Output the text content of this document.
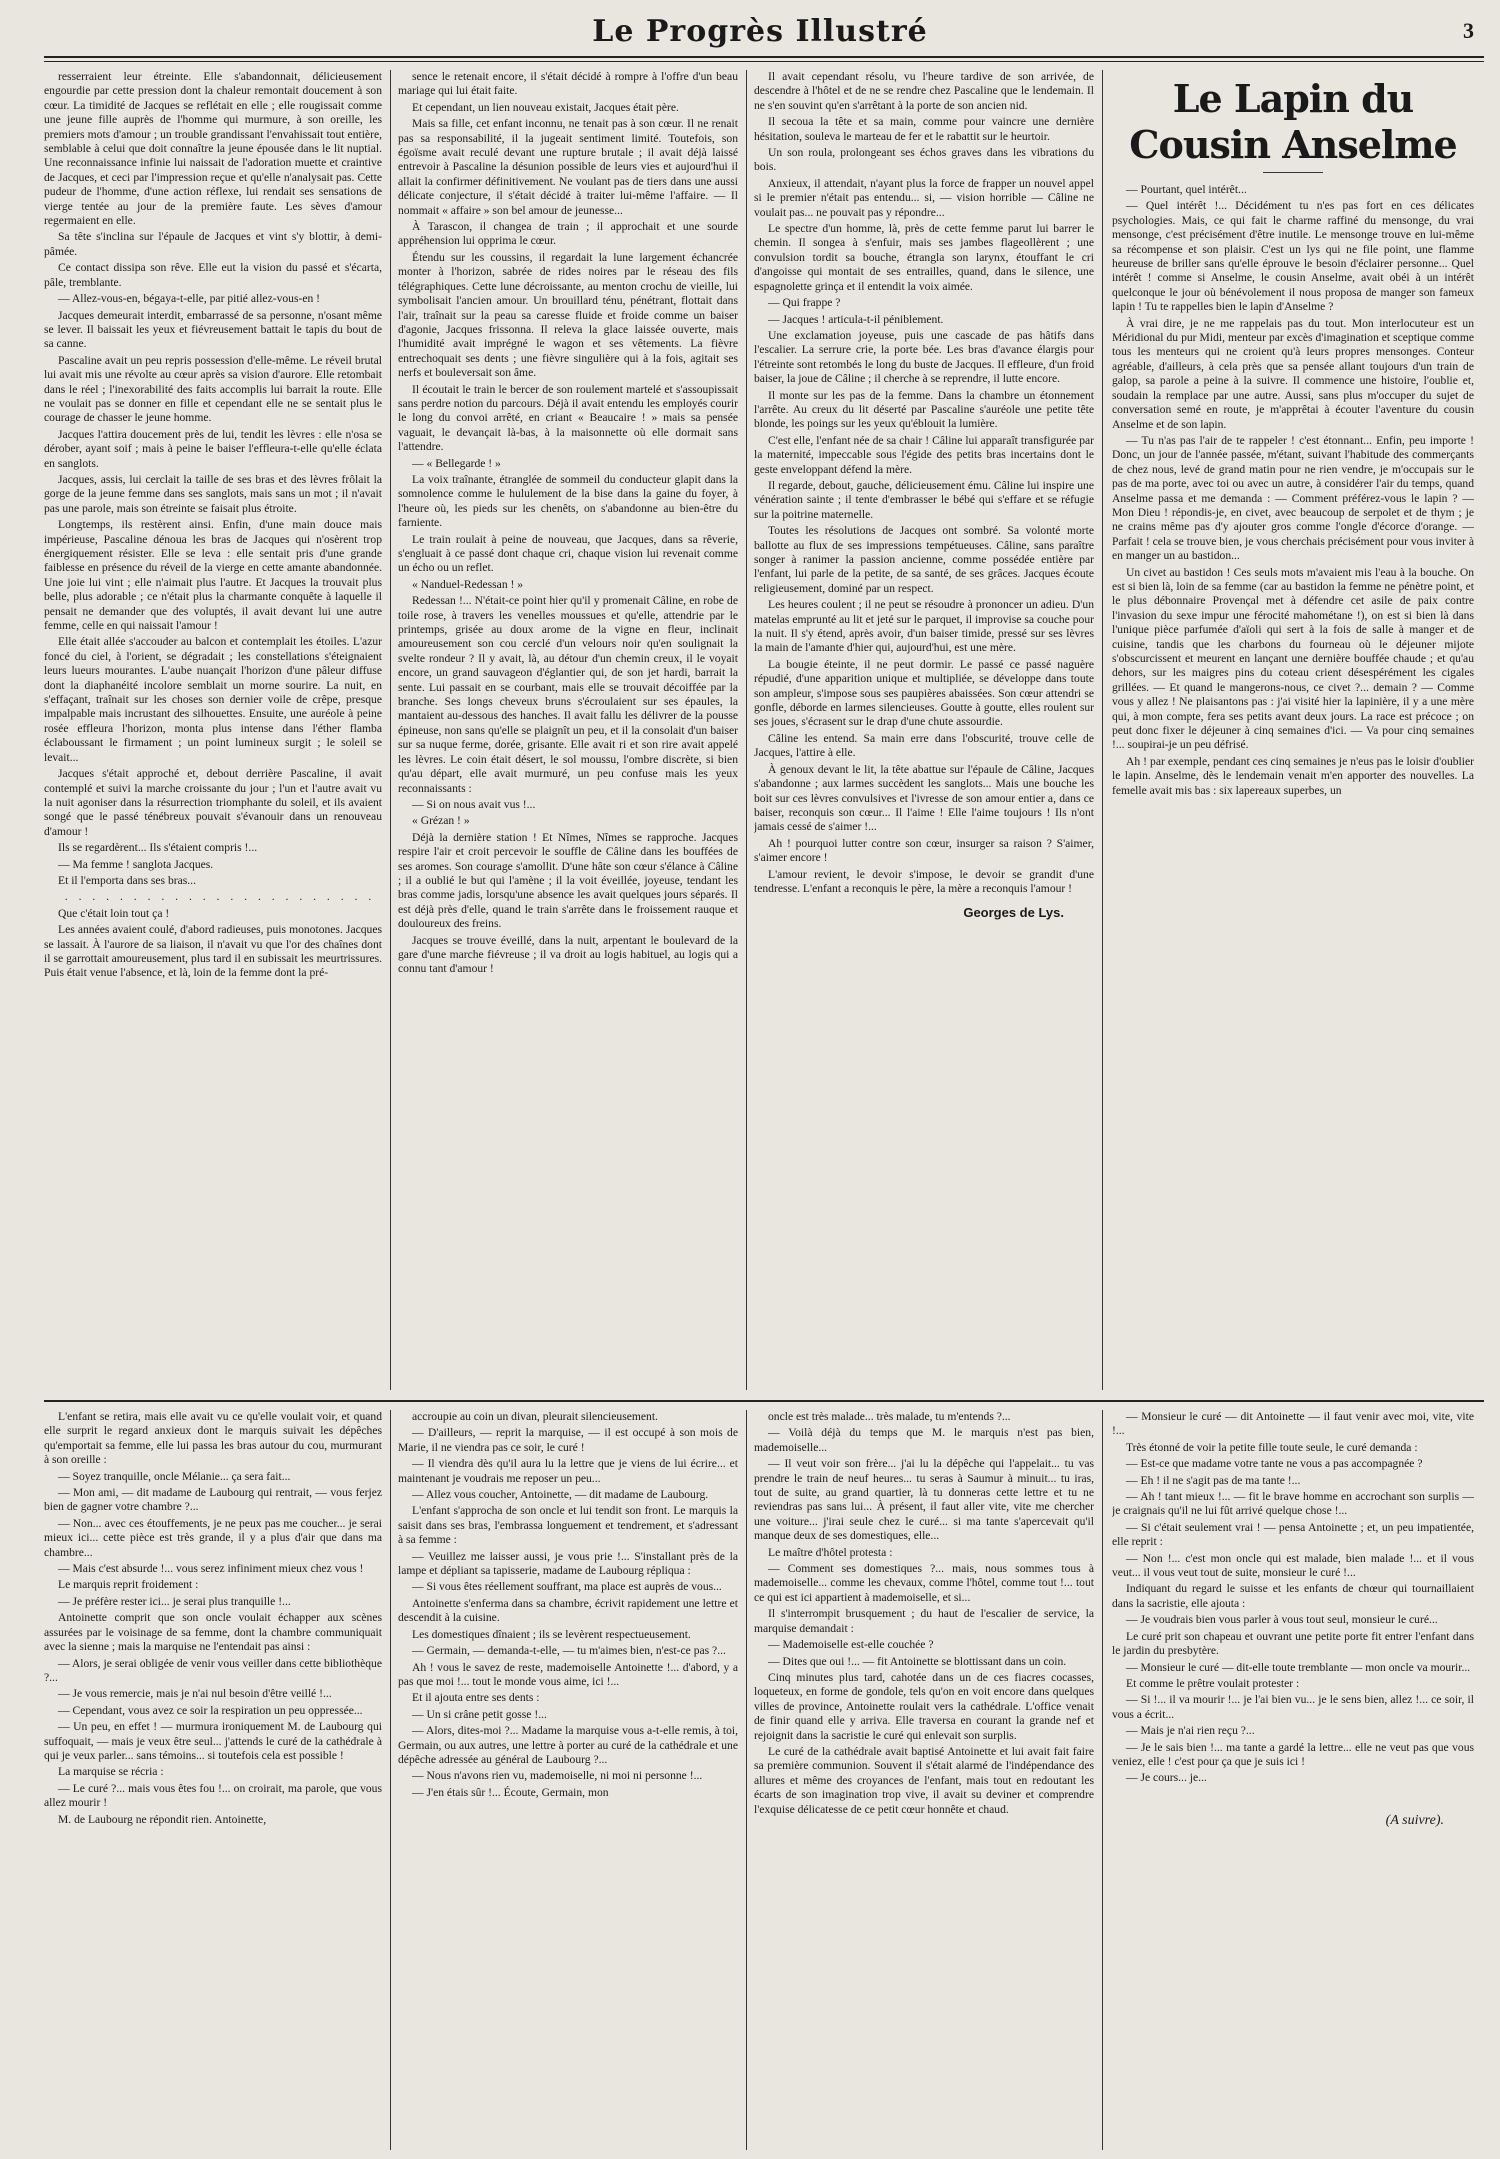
Le Progrès Illustré	3

resserraient leur étreinte. Elle s'abandonnait, délicieusement engourdie par cette pression dont la chaleur remontait doucement à son cœur. La timidité de Jacques se reflétait en elle ; elle rougissait comme une jeune fille auprès de l'homme qui murmure, à son oreille, les premiers mots d'amour ; un trouble grandissant l'envahissait tout entière, semblable à celui que doit connaître la jeune épousée dans le lit nuptial. Une reconnaissance infinie lui naissait de l'adoration muette et craintive de Jacques, et ceci par l'impression reçue et qu'elle n'analysait pas. Cette pudeur de l'homme, d'une action réflexe, lui rendait ses sensations de vierge tentée au jour de la première faute. Les sèves d'amour regermaient en elle.

Sa tête s'inclina sur l'épaule de Jacques et vint s'y blottir, à demi-pâmée.

Ce contact dissipa son rêve. Elle eut la vision du passé et s'écarta, pâle, tremblante.

— Allez-vous-en, bégaya-t-elle, par pitié allez-vous-en !

Jacques demeurait interdit, embarrassé de sa personne, n'osant même se lever. Il baissait les yeux et fiévreusement battait le tapis du bout de sa canne.

Pascaline avait un peu repris possession d'elle-même. Le réveil brutal lui avait mis une révolte au cœur après sa vision d'aurore. Elle retombait dans le réel ; l'inexorabilité des faits accomplis lui barrait la route. Elle ne voulait pas se donner en fille et cependant elle ne se sentait plus le courage de chasser le jeune homme.

Jacques l'attira doucement près de lui, tendit les lèvres : elle n'osa se dérober, ayant soif ; mais à peine le baiser l'effleura-t-elle qu'elle éclata en sanglots.

Jacques, assis, lui cerclait la taille de ses bras et des lèvres frôlait la gorge de la jeune femme dans ses sanglots, mais sans un mot ; il n'avait pas une parole, mais son étreinte se faisait plus étroite.

Longtemps, ils restèrent ainsi. Enfin, d'une main douce mais impérieuse, Pascaline dénoua les bras de Jacques qui n'osèrent trop énergiquement résister. Elle se leva : elle sentait pris d'une grande faiblesse en présence du réveil de la vierge en cette amante abandonnée. Une joie lui vint ; elle n'aimait plus l'autre. Et Jacques la trouvait plus belle, plus adorable ; ce n'était plus la charmante conquête à laquelle il pensait ne demander que des voluptés, il avait devant lui une autre femme, celle en qui naissait l'amour !

Elle était allée s'accouder au balcon et contemplait les étoiles. L'azur foncé du ciel, à l'orient, se dégradait ; les constellations s'éteignaient leurs lueurs mourantes. L'aube nuançait l'horizon d'une pâleur diffuse dont la diaphanéité incolore semblait un morne sourire. La nuit, en s'effaçant, traînait sur les choses son dernier voile de crêpe, presque impalpable mais incrustant des silhouettes. Ensuite, une auréole à peine rosée effleura l'horizon, monta plus intense dans l'éther flamba éclaboussant le firmament ; un point lumineux surgit ; le soleil se levait...

Jacques s'était approché et, debout derrière Pascaline, il avait contemplé et suivi la marche croissante du jour ; l'un et l'autre avait vu la nuit agoniser dans la résurrection triomphante du soleil, et ils avaient songé que le passé ténébreux pouvait s'évanouir dans un renouveau d'amour !

Ils se regardèrent... Ils s'étaient compris !...

— Ma femme ! sanglota Jacques.

Et il l'emporta dans ses bras...

. . . . . . . . . . . . . . . . . . . . . . .

Que c'était loin tout ça !

Les années avaient coulé, d'abord radieuses, puis monotones. Jacques se lassait. À l'aurore de sa liaison, il n'avait vu que l'or des chaînes dont il se garrottait amoureusement, plus tard il en subissait les meurtrissures. Puis était venue l'absence, et là, loin de la femme dont la pré-

sence le retenait encore, il s'était décidé à rompre à l'offre d'un beau mariage qui lui était faite.

Et cependant, un lien nouveau existait, Jacques était père.

Mais sa fille, cet enfant inconnu, ne tenait pas à son cœur. Il ne renait pas sa responsabilité, il la jugeait sentiment limité. Toutefois, son égoïsme avait reculé devant une rupture brutale ; il avait déjà laissé entrevoir à Pascaline la désunion possible de leurs vies et aujourd'hui il allait la confirmer définitivement. Ne voulant pas de tiers dans une aussi délicate conjecture, il s'était décidé à traiter lui-même l'affaire. — Il nommait « affaire » son bel amour de jeunesse...

À Tarascon, il changea de train ; il approchait et une sourde appréhension lui opprima le cœur.

Étendu sur les coussins, il regardait la lune largement échancrée monter à l'horizon, sabrée de rides noires par le réseau des fils télégraphiques. Cette lune décroissante, au menton crochu de vieille, lui symbolisait l'ancien amour. Un brouillard ténu, pénétrant, flottait dans l'air, traînait sur la peau sa caresse fluide et froide comme un baiser d'agonie, Jacques frissonna. Il releva la glace laissée ouverte, mais l'humidité avait imprégné le wagon et ses vêtements. La fièvre entrechoquait ses dents ; une fièvre singulière qui à la fois, agitait ses nerfs et bouleversait son âme.

Il écoutait le train le bercer de son roulement martelé et s'assoupissait sans perdre notion du parcours. Déjà il avait entendu les employés courir le long du convoi arrêté, en criant « Beaucaire ! » mais sa pensée vaguait, le devançait là-bas, à la maisonnette où elle dormait sans l'attendre.

— « Bellegarde ! »

La voix traînante, étranglée de sommeil du conducteur glapit dans la somnolence comme le hululement de la bise dans la gaine du foyer, à l'heure où, les pieds sur les chenêts, on s'abandonne au bien-être du farniente.

Le train roulait à peine de nouveau, que Jacques, dans sa rêverie, s'engluait à ce passé dont chaque cri, chaque vision lui revenait comme un écho ou un reflet.

« Nanduel-Redessan ! »

Redessan !... N'était-ce point hier qu'il y promenait Câline, en robe de toile rose, à travers les venelles moussues et qu'elle, attendrie par le printemps, grisée au doux arome de la vigne en fleur, inclinait amoureusement son cou cerclé d'un velours noir qu'en soulignait la svelte rondeur ? Il y avait, là, au détour d'un chemin creux, il le voyait encore, un grand sauvageon d'églantier qui, de son jet hardi, barrait la sente. Lui passait en se courbant, mais elle se trouvait décoiffée par la branche. Ses longs cheveux bruns s'écroulaient sur ses épaules, la mantaient au-dessous des hanches. Il avait fallu les délivrer de la pousse épineuse, non sans qu'elle se plaignît un peu, et il la consolait d'un baiser sur sa nuque ferme, dorée, grisante. Elle avait ri et son rire avait appelé les lèvres. Le coin était désert, le sol moussu, l'ombre discrète, si bien qu'au départ, elle avait murmuré, un peu confuse mais les yeux reconnaissants :

— Si on nous avait vus !...

« Grézan ! »

Déjà la dernière station ! Et Nîmes, Nîmes se rapproche. Jacques respire l'air et croit percevoir le souffle de Câline dans les bouffées de ses aromes. Son courage s'amollit. D'une hâte son cœur s'élance à Câline ; il a oublié le but qui l'amène ; il la voit éveillée, joyeuse, tendant les bras comme jadis, lorsqu'une absence les avait quelques jours séparés. Il est déjà près d'elle, quand le train s'arrête dans le froissement rauque et douloureux des freins.

Jacques se trouve éveillé, dans la nuit, arpentant le boulevard de la gare d'une marche fiévreuse ; il va droit au logis habituel, au logis qui a connu tant d'amour !

Il avait cependant résolu, vu l'heure tardive de son arrivée, de descendre à l'hôtel et de ne se rendre chez Pascaline que le lendemain. Il ne s'en souvint qu'en s'arrêtant à la porte de son ancien nid.

Il secoua la tête et sa main, comme pour vaincre une dernière hésitation, souleva le marteau de fer et le rabattit sur le heurtoir.

Un son roula, prolongeant ses échos graves dans les vibrations du bois.

Anxieux, il attendait, n'ayant plus la force de frapper un nouvel appel si le premier n'était pas entendu... si, — vision horrible — Câline ne voulait pas... ne pouvait pas y répondre...

Le spectre d'un homme, là, près de cette femme parut lui barrer le chemin. Il songea à s'enfuir, mais ses jambes flageollèrent ; une convulsion tordit sa bouche, étrangla son larynx, étouffant le cri d'angoisse qui montait de ses entrailles, quand, dans le silence, une espagnolette grinça et il entendit la voix aimée.

— Qui frappe ?

— Jacques ! articula-t-il péniblement.

Une exclamation joyeuse, puis une cascade de pas hâtifs dans l'escalier. La serrure crie, la porte bée. Les bras d'avance élargis pour l'étreinte sont retombés le long du buste de Jacques. Il effleure, d'un froid baiser, la joue de Câline ; il cherche à se reprendre, il lutte encore.

Il monte sur les pas de la femme. Dans la chambre un étonnement l'arrête. Au creux du lit déserté par Pascaline s'auréole une petite tête blonde, les poings sur les yeux qu'éblouit la lumière.

C'est elle, l'enfant née de sa chair ! Câline lui apparaît transfigurée par la maternité, impeccable sous l'égide des petits bras incertains dont le geste enveloppant défend la mère.

Il regarde, debout, gauche, délicieusement ému. Câline lui inspire une vénération sainte ; il tente d'embrasser le bébé qui s'effare et se réfugie sur la poitrine maternelle.

Toutes les résolutions de Jacques ont sombré. Sa volonté morte ballotte au flux de ses impressions tempétueuses. Câline, sans paraître songer à ranimer la passion ancienne, comme possédée entière par l'enfant, lui parle de la petite, de sa santé, de ses grâces. Jacques écoute religieusement, dominé par un respect.

Les heures coulent ; il ne peut se résoudre à prononcer un adieu. D'un matelas emprunté au lit et jeté sur le parquet, il improvise sa couche pour la nuit. Il s'y étend, après avoir, d'un baiser timide, pressé sur ses lèvres la main de l'amante d'hier qui, aujourd'hui, est une mère.

La bougie éteinte, il ne peut dormir. Le passé ce passé naguère répudié, d'une apparition unique et multipliée, se développe dans toute son ampleur, s'impose sous ses paupières abaissées. Son cœur attendri se gonfle, déborde en larmes silencieuses. Goutte à goutte, elles roulent sur ses joues, s'écrasent sur le drap d'une chute assourdie.

Câline les entend. Sa main erre dans l'obscurité, trouve celle de Jacques, l'attire à elle.

À genoux devant le lit, la tête abattue sur l'épaule de Câline, Jacques s'abandonne ; aux larmes succèdent les sanglots... Mais une bouche les boit sur ces lèvres convulsives et l'ivresse de son amour entier a, dans ce baiser, reconquis son cœur... Il l'aime ! Elle l'aime toujours ! Ils n'ont jamais cessé de s'aimer !...

Ah ! pourquoi lutter contre son cœur, insurger sa raison ? S'aimer, s'aimer encore !

L'amour revient, le devoir s'impose, le devoir se grandit d'une tendresse. L'enfant a reconquis le père, la mère a reconquis l'amour !

Georges de Lys.
Le Lapin du Cousin Anselme

— Pourtant, quel intérêt...

— Quel intérêt !... Décidément tu n'es pas fort en ces délicates psychologies. Mais, ce qui fait le charme raffiné du mensonge, du vrai mensonge, c'est précisément d'être inutile. Le mensonge trouve en lui-même sa récompense et son plaisir. C'est un lys qui ne file point, une flamme heureuse de briller sans qu'elle éprouve le besoin d'éclairer personne... Quel intérêt ! comme si Anselme, le cousin Anselme, avait obéi à un intérêt quelconque le jour où bénévolement il nous proposa de manger son fameux lapin ! Tu te rappelles bien le lapin d'Anselme ?

À vrai dire, je ne me rappelais pas du tout. Mon interlocuteur est un Méridional du pur Midi, menteur par excès d'imagination et sceptique comme tous les menteurs qui ne croient qu'à leurs propres mensonges. Conteur agréable, d'ailleurs, à cela près que sa pensée allant toujours d'un train de galop, sa parole a peine à la suivre. Il commence une histoire, l'oublie et, soudain la remplace par une autre. Aussi, sans plus m'occuper du sujet de conversation semé en route, je m'apprêtai à écouter l'aventure du cousin Anselme et de son lapin.

— Tu n'as pas l'air de te rappeler ! c'est étonnant... Enfin, peu importe ! Donc, un jour de l'année passée, m'étant, suivant l'habitude des commerçants de chez nous, levé de grand matin pour ne rien vendre, je m'occupais sur le pas de ma porte, avec toi ou avec un autre, à considérer l'air du temps, quand Anselme passa et me demanda : — Comment préférez-vous le lapin ? — Mon Dieu ! répondis-je, en civet, avec beaucoup de serpolet et de thym ; je ne crains même pas d'y ajouter gros comme l'ongle d'écorce d'orange. — Parfait ! cela se trouve bien, je vous cherchais précisément pour vous inviter à en manger un au bastidon...

Un civet au bastidon ! Ces seuls mots m'avaient mis l'eau à la bouche. On est si bien là, loin de sa femme (car au bastidon la femme ne pénètre point, et le plus débonnaire Provençal met à défendre cet asile de paix contre l'invasion du sexe impur une férocité mahométane !), on est si bien là dans l'unique pièce parfumée d'aïoli qui sert à la fois de salle à manger et de cuisine, tandis que les charbons du fourneau où le déjeuner mijote s'obscurcissent et meurent en lançant une dernière bouffée chaude ; et qu'au dehors, sur les maigres pins du coteau crient désespérément les cigales grillées. — Et quand le mangerons-nous, ce civet ?... demain ? — Comme vous y allez ! Ne plaisantons pas : j'ai visité hier la lapinière, il y a une mère qui, à mon compte, fera ses petits avant deux jours. La race est précoce ; on peut donc fixer le déjeuner à cinq semaines d'ici. — Va pour cinq semaines !... soupirai-je un peu défrisé.

Ah ! par exemple, pendant ces cinq semaines je n'eus pas le loisir d'oublier le lapin. Anselme, dès le lendemain venait m'en apporter des nouvelles. La femelle avait mis bas : six lapereaux superbes, un

L'enfant se retira, mais elle avait vu ce qu'elle voulait voir, et quand elle surprit le regard anxieux dont le marquis suivait les dépêches qu'emportait sa femme, elle lui passa les bras autour du cou, murmurant à son oreille :

— Soyez tranquille, oncle Mélanie... ça sera fait...

— Mon ami, — dit madame de Laubourg qui rentrait, — vous ferjez bien de gagner votre chambre ?...

— Non... avec ces étouffements, je ne peux pas me coucher... je serai mieux ici... cette pièce est très grande, il y a plus d'air que dans ma chambre...

— Mais c'est absurde !... vous serez infiniment mieux chez vous !

Le marquis reprit froidement :

— Je préfère rester ici... je serai plus tranquille !...

Antoinette comprit que son oncle voulait échapper aux scènes assurées par le voisinage de sa femme, dont la chambre communiquait avec la sienne ; mais la marquise ne l'entendait pas ainsi :

— Alors, je serai obligée de venir vous veiller dans cette bibliothèque ?...

— Je vous remercie, mais je n'ai nul besoin d'être veillé !...

— Cependant, vous avez ce soir la respiration un peu oppressée...

— Un peu, en effet ! — murmura ironiquement M. de Laubourg qui suffoquait, — mais je veux être seul... j'attends le curé de la cathédrale à qui je veux parler... sans témoins... si toutefois cela est possible !

La marquise se récria :

— Le curé ?... mais vous êtes fou !... on croirait, ma parole, que vous allez mourir !

M. de Laubourg ne répondit rien. Antoinette,

accroupie au coin un divan, pleurait silencieusement.

— D'ailleurs, — reprit la marquise, — il est occupé à son mois de Marie, il ne viendra pas ce soir, le curé !

— Il viendra dès qu'il aura lu la lettre que je viens de lui écrire... et maintenant je voudrais me reposer un peu...

— Allez vous coucher, Antoinette, — dit madame de Laubourg.

L'enfant s'approcha de son oncle et lui tendit son front. Le marquis la saisit dans ses bras, l'embrassa longuement et tendrement, et s'adressant à sa femme :

— Veuillez me laisser aussi, je vous prie !... S'installant près de la lampe et dépliant sa tapisserie, madame de Laubourg répliqua :

— Si vous êtes réellement souffrant, ma place est auprès de vous...

Antoinette s'enferma dans sa chambre, écrivit rapidement une lettre et descendit à la cuisine.

Les domestiques dînaient ; ils se levèrent respectueusement.

— Germain, — demanda-t-elle, — tu m'aimes bien, n'est-ce pas ?...

Ah ! vous le savez de reste, mademoiselle Antoinette !... d'abord, y a pas que moi !... tout le monde vous aime, ici !...

Et il ajouta entre ses dents :

— Un si crâne petit gosse !...

— Alors, dites-moi ?... Madame la marquise vous a-t-elle remis, à toi, Germain, ou aux autres, une lettre à porter au curé de la cathédrale et une dépêche adressée au général de Laubourg ?...

— Nous n'avons rien vu, mademoiselle, ni moi ni personne !...

— J'en étais sûr !... Écoute, Germain, mon

oncle est très malade... très malade, tu m'entends ?...

— Voilà déjà du temps que M. le marquis n'est pas bien, mademoiselle...

— Il veut voir son frère... j'ai lu la dépêche qui l'appelait... tu vas prendre le train de neuf heures... tu seras à Saumur à minuit... tu iras, tout de suite, au grand quartier, là tu donneras cette lettre et tu ne reviendras pas sans lui... À présent, il faut aller vite, vite me chercher une voiture... j'irai seule chez le curé... si ma tante s'apercevait qu'il manque deux de ses domestiques, elle...

Le maître d'hôtel protesta :

— Comment ses domestiques ?... mais, nous sommes tous à mademoiselle... comme les chevaux, comme l'hôtel, comme tout !... tout ce qui est ici appartient à mademoiselle, et si...

Il s'interrompit brusquement ; du haut de l'escalier de service, la marquise demandait :

— Mademoiselle est-elle couchée ?

— Dites que oui !... — fit Antoinette se blottissant dans un coin.

Cinq minutes plus tard, cahotée dans un de ces fiacres cocasses, loqueteux, en forme de gondole, tels qu'on en voit encore dans quelques villes de province, Antoinette roulait vers la cathédrale. L'office venait de finir quand elle y arriva. Elle traversa en courant la grande nef et rejoignit dans la sacristie le curé qui enlevait son surplis.

Le curé de la cathédrale avait baptisé Antoinette et lui avait fait faire sa première communion. Souvent il s'était alarmé de l'indépendance des allures et même des croyances de l'enfant, mais tout en redoutant les écarts de son imagination trop vive, il avait su deviner et comprendre l'exquise délicatesse de ce petit cœur honnête et chaud.

— Monsieur le curé — dit Antoinette — il faut venir avec moi, vite, vite !...

Très étonné de voir la petite fille toute seule, le curé demanda :

— Est-ce que madame votre tante ne vous a pas accompagnée ?

— Eh ! il ne s'agit pas de ma tante !...

— Ah ! tant mieux !... — fit le brave homme en accrochant son surplis — je craignais qu'il ne lui fût arrivé quelque chose !...

— Si c'était seulement vrai ! — pensa Antoinette ; et, un peu impatientée, elle reprit :

— Non !... c'est mon oncle qui est malade, bien malade !... et il vous veut... il vous veut tout de suite, monsieur le curé !...

Indiquant du regard le suisse et les enfants de chœur qui tournaillaient dans la sacristie, elle ajouta :

— Je voudrais bien vous parler à vous tout seul, monsieur le curé...

Le curé prit son chapeau et ouvrant une petite porte fit entrer l'enfant dans le jardin du presbytère.

— Monsieur le curé — dit-elle toute tremblante — mon oncle va mourir...

Et comme le prêtre voulait protester :

— Si !... il va mourir !... je l'ai bien vu... je le sens bien, allez !... ce soir, il vous a écrit...

— Mais je n'ai rien reçu ?...

— Je le sais bien !... ma tante a gardé la lettre... elle ne veut pas que vous veniez, elle ! c'est pour ça que je suis ici !

— Je cours... je...

(A suivre).
